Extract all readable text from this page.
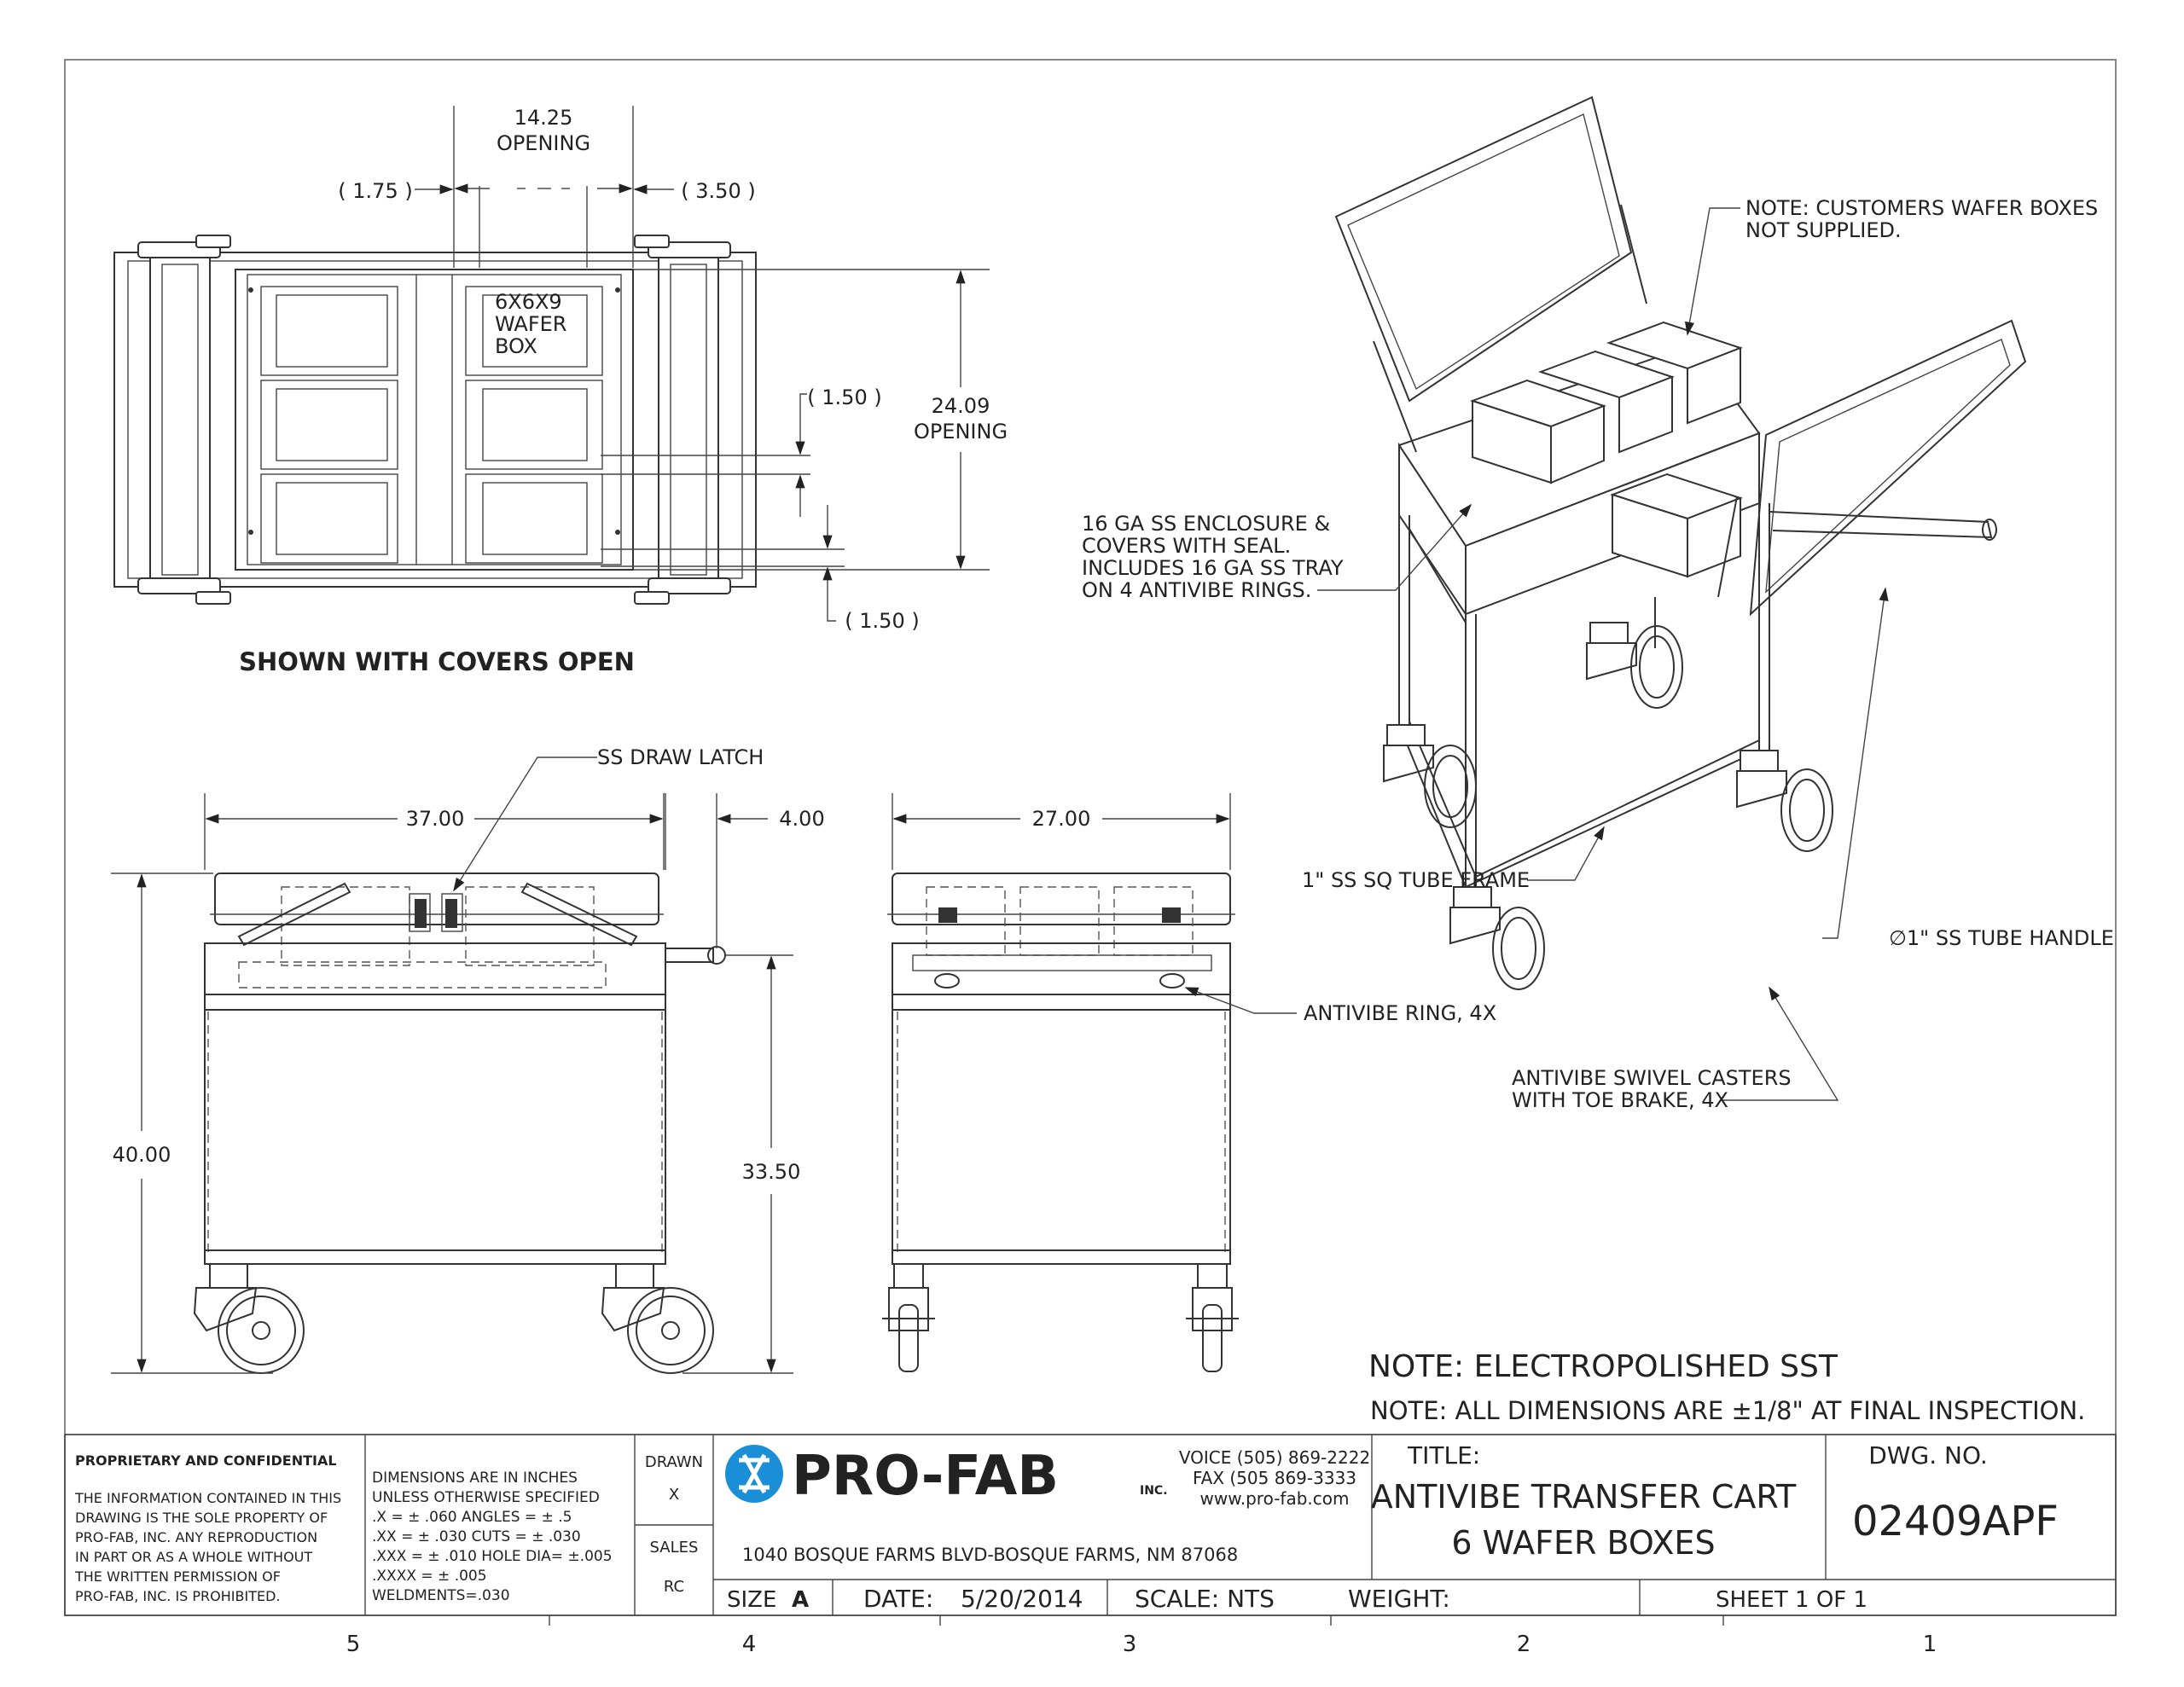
6X6X9
WAFER
BOX
14.25
OPENING
( 1.75 )	( 3.50 )
24.09
OPENING
( 1.50 )
( 1.50 )
SHOWN WITH COVERS OPEN
SS DRAW LATCH
37.00	4.00
40.00
33.50
27.00
ANTIVIBE RING, 4X
NOTE: CUSTOMERS WAFER BOXES
NOT SUPPLIED.
16 GA SS ENCLOSURE &
COVERS WITH SEAL.
INCLUDES 16 GA SS TRAY
ON 4 ANTIVIBE RINGS.
1" SS SQ TUBE FRAME
∅1" SS TUBE HANDLE
ANTIVIBE SWIVEL CASTERS
WITH TOE BRAKE, 4X
NOTE: ELECTROPOLISHED SST
NOTE: ALL DIMENSIONS ARE ±1/8" AT FINAL INSPECTION.
PROPRIETARY AND CONFIDENTIAL
THE INFORMATION CONTAINED IN THIS
DRAWING IS THE SOLE PROPERTY OF
PRO-FAB, INC. ANY REPRODUCTION
IN PART OR AS A WHOLE WITHOUT
THE WRITTEN PERMISSION OF
PRO-FAB, INC. IS PROHIBITED.
DIMENSIONS ARE IN INCHES
UNLESS OTHERWISE SPECIFIED
.X = ± .060 ANGLES = ± .5
.XX = ± .030 CUTS = ± .030
.XXX = ± .010 HOLE DIA= ±.005
.XXXX = ± .005
WELDMENTS=.030
DRAWN
X
SALES
RC
PRO-FAB	INC.
VOICE (505) 869-2222
FAX (505 869-3333
www.pro-fab.com
1040 BOSQUE FARMS BLVD-BOSQUE FARMS, NM 87068
TITLE:
ANTIVIBE TRANSFER CART
6 WAFER BOXES
DWG. NO.
02409APF
SIZE A DATE: 5/20/2014 SCALE: NTS	WEIGHT:	SHEET 1 OF 1
5	4	3	2	1
